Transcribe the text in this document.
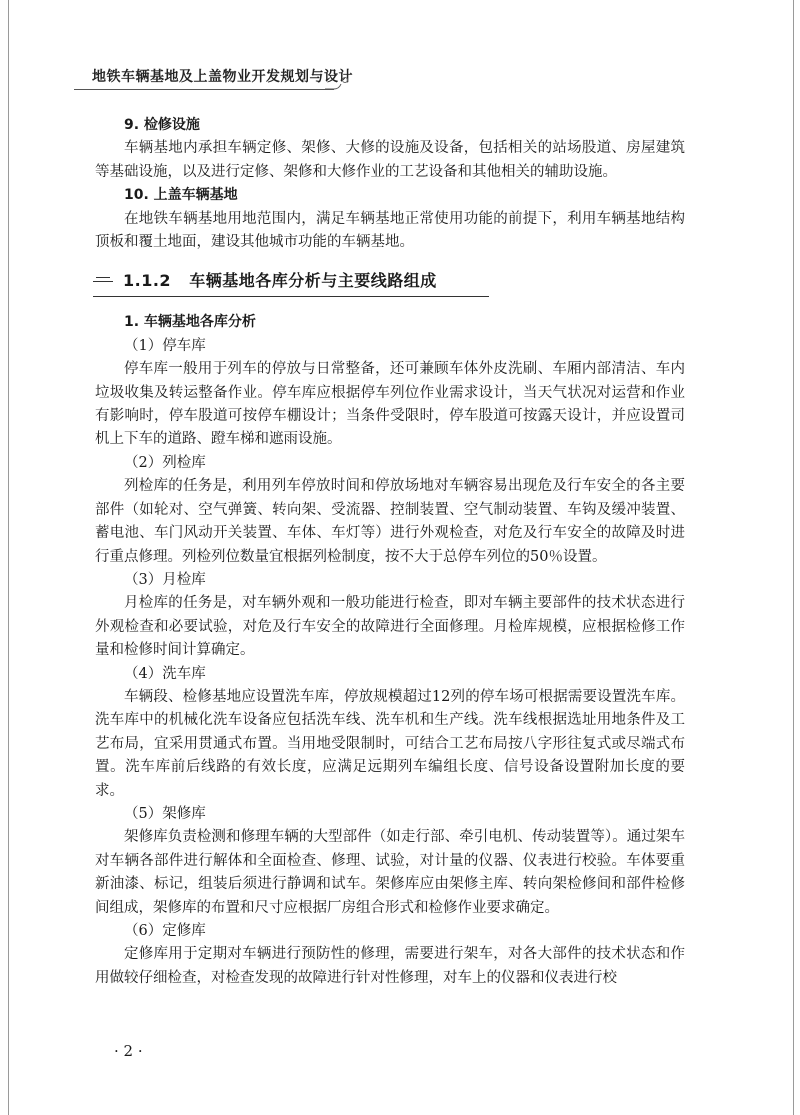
地铁车辆基地及上盖物业开发规划与设计

9. 检修设施

车辆基地内承担车辆定修、架修、大修的设施及设备，包括相关的站场股道、房屋建筑等基础设施，以及进行定修、架修和大修作业的工艺设备和其他相关的辅助设施。

10. 上盖车辆基地

在地铁车辆基地用地范围内，满足车辆基地正常使用功能的前提下，利用车辆基地结构顶板和覆土地面，建设其他城市功能的车辆基地。

1.1.2 车辆基地各库分析与主要线路组成

1. 车辆基地各库分析

（1）停车库

停车库一般用于列车的停放与日常整备，还可兼顾车体外皮洗刷、车厢内部清洁、车内垃圾收集及转运整备作业。停车库应根据停车列位作业需求设计，当天气状况对运营和作业有影响时，停车股道可按停车棚设计；当条件受限时，停车股道可按露天设计，并应设置司机上下车的道路、蹬车梯和遮雨设施。

（2）列检库

列检库的任务是，利用列车停放时间和停放场地对车辆容易出现危及行车安全的各主要部件（如轮对、空气弹簧、转向架、受流器、控制装置、空气制动装置、车钩及缓冲装置、蓄电池、车门风动开关装置、车体、车灯等）进行外观检查，对危及行车安全的故障及时进行重点修理。列检列位数量宜根据列检制度，按不大于总停车列位的50％设置。

（3）月检库

月检库的任务是，对车辆外观和一般功能进行检查，即对车辆主要部件的技术状态进行外观检查和必要试验，对危及行车安全的故障进行全面修理。月检库规模，应根据检修工作量和检修时间计算确定。

（4）洗车库

车辆段、检修基地应设置洗车库，停放规模超过12列的停车场可根据需要设置洗车库。洗车库中的机械化洗车设备应包括洗车线、洗车机和生产线。洗车线根据选址用地条件及工艺布局，宜采用贯通式布置。当用地受限制时，可结合工艺布局按八字形往复式或尽端式布置。洗车库前后线路的有效长度，应满足远期列车编组长度、信号设备设置附加长度的要求。

（5）架修库

架修库负责检测和修理车辆的大型部件（如走行部、牵引电机、传动装置等）。通过架车对车辆各部件进行解体和全面检查、修理、试验，对计量的仪器、仪表进行校验。车体要重新油漆、标记，组装后须进行静调和试车。架修库应由架修主库、转向架检修间和部件检修间组成，架修库的布置和尺寸应根据厂房组合形式和检修作业要求确定。

（6）定修库

定修库用于定期对车辆进行预防性的修理，需要进行架车，对各大部件的技术状态和作用做较仔细检查，对检查发现的故障进行针对性修理，对车上的仪器和仪表进行校

· 2 ·
